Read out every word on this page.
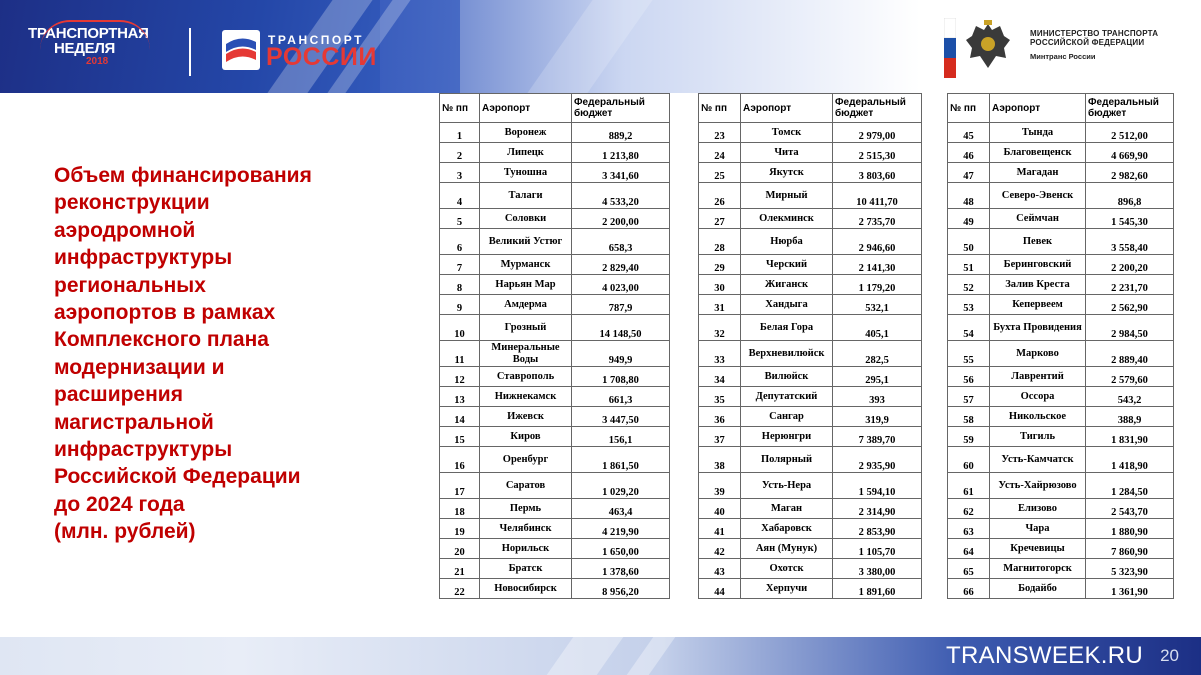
ТРАНСПОРТНАЯ
НЕДЕЛЯ
2018
ТРАНСПОРТ
РОССИИ
МИНИСТЕРСТВО ТРАНСПОРТА
РОССИЙСКОЙ ФЕДЕРАЦИИ
Минтранс России
Объем финансирования
реконструкции
аэродромной
инфраструктуры
региональных
аэропортов в рамках
Комплексного плана
модернизации и
расширения
магистральной
инфраструктуры
Российской Федерации
до 2024 года
(млн. рублей)
№ пп	Аэропорт	Федеральный бюджет
1	Воронеж	889,2
2	Липецк	1 213,80
3	Туношна	3 341,60
4	Талаги	4 533,20
5	Соловки	2 200,00
6	Великий Устюг	658,3
7	Мурманск	2 829,40
8	Нарьян Мар	4 023,00
9	Амдерма	787,9
10	Грозный	14 148,50
11	Минеральные Воды	949,9
12	Ставрополь	1 708,80
13	Нижнекамск	661,3
14	Ижевск	3 447,50
15	Киров	156,1
16	Оренбург	1 861,50
17	Саратов	1 029,20
18	Пермь	463,4
19	Челябинск	4 219,90
20	Норильск	1 650,00
21	Братск	1 378,60
22	Новосибирск	8 956,20
№ пп	Аэропорт	Федеральный бюджет
23	Томск	2 979,00
24	Чита	2 515,30
25	Якутск	3 803,60
26	Мирный	10 411,70
27	Олекминск	2 735,70
28	Нюрба	2 946,60
29	Черский	2 141,30
30	Жиганск	1 179,20
31	Хандыга	532,1
32	Белая Гора	405,1
33	Верхневилюйск	282,5
34	Вилюйск	295,1
35	Депутатский	393
36	Сангар	319,9
37	Нерюнгри	7 389,70
38	Полярный	2 935,90
39	Усть-Нера	1 594,10
40	Маган	2 314,90
41	Хабаровск	2 853,90
42	Аян (Мунук)	1 105,70
43	Охотск	3 380,00
44	Херпучи	1 891,60
№ пп	Аэропорт	Федеральный бюджет
45	Тында	2 512,00
46	Благовещенск	4 669,90
47	Магадан	2 982,60
48	Северо-Эвенск	896,8
49	Сеймчан	1 545,30
50	Певек	3 558,40
51	Беринговский	2 200,20
52	Залив Креста	2 231,70
53	Кепервеем	2 562,90
54	Бухта Провидения	2 984,50
55	Марково	2 889,40
56	Лаврентий	2 579,60
57	Оссора	543,2
58	Никольское	388,9
59	Тигиль	1 831,90
60	Усть-Камчатск	1 418,90
61	Усть-Хайрюзово	1 284,50
62	Елизово	2 543,70
63	Чара	1 880,90
64	Кречевицы	7 860,90
65	Магнитогорск	5 323,90
66	Бодайбо	1 361,90
TRANSWEEK.RU 20
